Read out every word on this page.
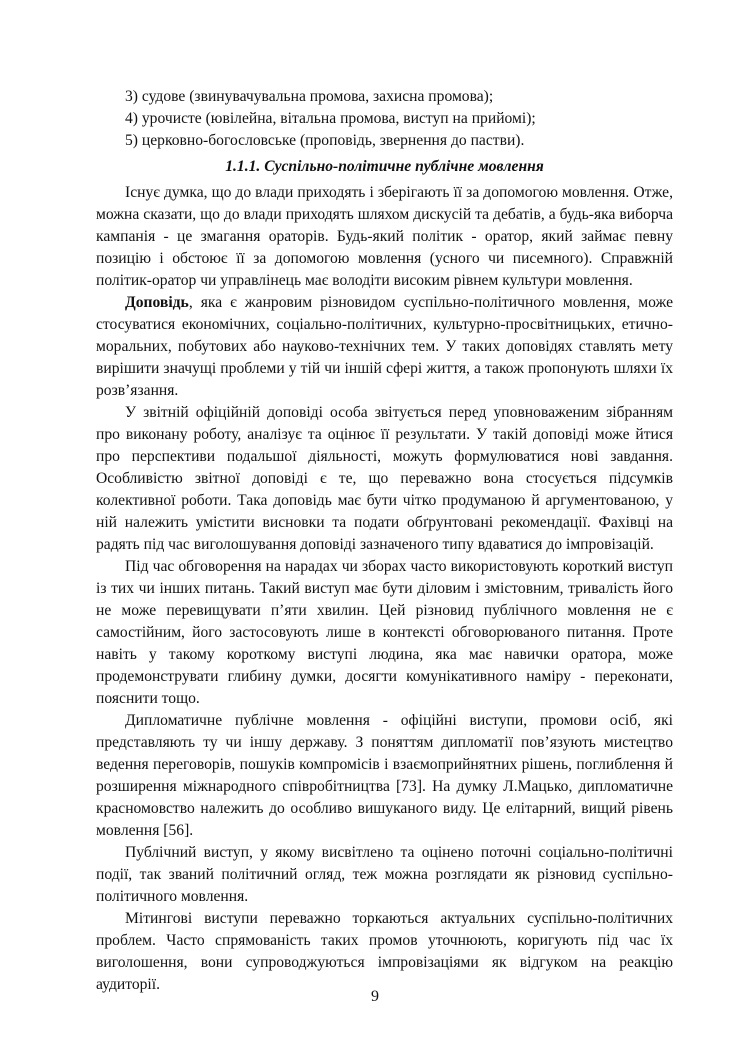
3) судове (звинувачувальна промова, захисна промова);
4) урочисте (ювілейна, вітальна промова, виступ на прийомі);
5) церковно-богословське (проповідь, звернення до пастви).
1.1.1. Суспільно-політичне публічне мовлення

Існує думка, що до влади приходять і зберігають її за допомогою мовлення. Отже, можна сказати, що до влади приходять шляхом дискусій та дебатів, а будь-яка виборча кампанія - це змагання ораторів. Будь-який політик - оратор, який займає певну позицію і обстоює її за допомогою мовлення (усного чи писемного). Справжній політик-оратор чи управлінець має володіти високим рівнем культури мовлення.

Доповідь, яка є жанровим різновидом суспільно-політичного мовлення, може стосуватися економічних, соціально-політичних, культурно-просвітницьких, етично-моральних, побутових або науково-технічних тем. У таких доповідях ставлять мету вирішити значущі проблеми у тій чи іншій сфері життя, а також пропонують шляхи їх розв’язання.

У звітній офіційній доповіді особа звітується перед уповноваженим зібранням про виконану роботу, аналізує та оцінює її результати. У такій доповіді може йтися про перспективи подальшої діяльності, можуть формулюватися нові завдання. Особливістю звітної доповіді є те, що переважно вона стосується підсумків колективної роботи. Така доповідь має бути чітко продуманою й аргументованою, у ній належить умістити висновки та подати обґрунтовані рекомендації. Фахівці на радять під час виголошування доповіді зазначеного типу вдаватися до імпровізацій.

Під час обговорення на нарадах чи зборах часто використовують короткий виступ із тих чи інших питань. Такий виступ має бути діловим і змістовним, тривалість його не може перевищувати п’яти хвилин. Цей різновид публічного мовлення не є самостійним, його застосовують лише в контексті обговорюваного питання. Проте навіть у такому короткому виступі людина, яка має навички оратора, може продемонструвати глибину думки, досягти комунікативного наміру - переконати, пояснити тощо.

Дипломатичне публічне мовлення - офіційні виступи, промови осіб, які представляють ту чи іншу державу. З поняттям дипломатії пов’язують мистецтво ведення переговорів, пошуків компромісів і взаємоприйнятних рішень, поглиблення й розширення міжнародного співробітництва [73]. На думку Л.Мацько, дипломатичне красномовство належить до особливо вишуканого виду. Це елітарний, вищий рівень мовлення [56].

Публічний виступ, у якому висвітлено та оцінено поточні соціально-політичні події, так званий політичний огляд, теж можна розглядати як різновид суспільно-політичного мовлення.

Мітингові виступи переважно торкаються актуальних суспільно-політичних проблем. Часто спрямованість таких промов уточнюють, коригують під час їх виголошення, вони супроводжуються імпровізаціями як відгуком на реакцію аудиторії.

9
